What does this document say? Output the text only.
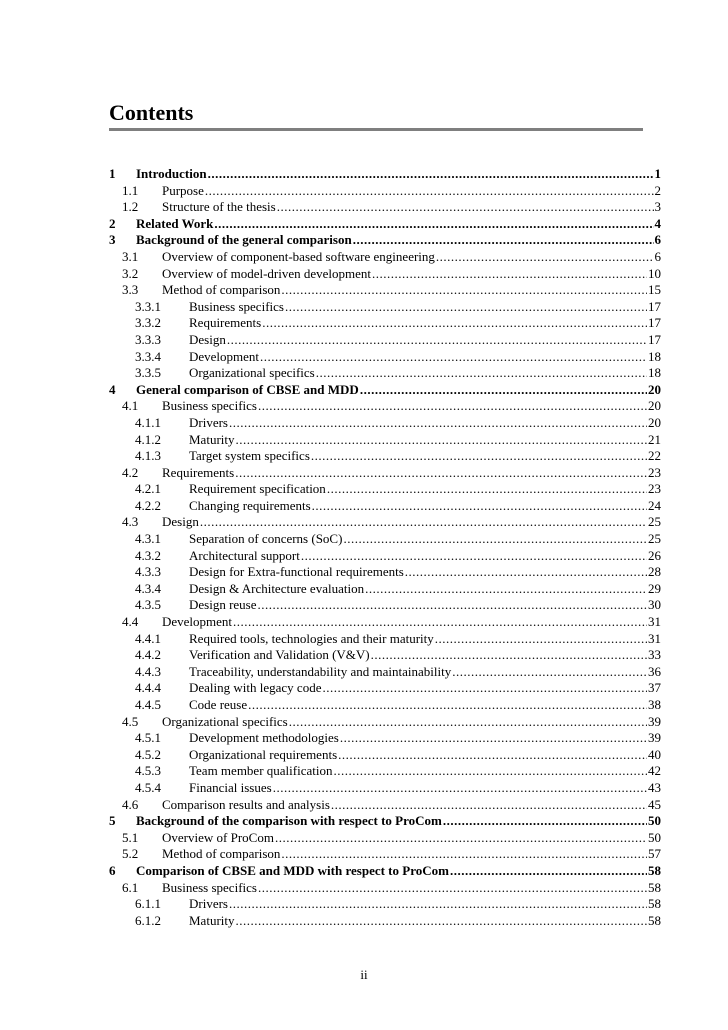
Contents
1	Introduction .....	1
1.1	Purpose .....	2
1.2	Structure of the thesis .....	3
2	Related Work .....	4
3	Background of the general comparison .....	6
3.1	Overview of component-based software engineering .....	6
3.2	Overview of model-driven development .....	10
3.3	Method of comparison .....	15
3.3.1	Business specifics .....	17
3.3.2	Requirements .....	17
3.3.3	Design .....	17
3.3.4	Development .....	18
3.3.5	Organizational specifics .....	18
4	General comparison of CBSE and MDD .....	20
4.1	Business specifics .....	20
4.1.1	Drivers .....	20
4.1.2	Maturity .....	21
4.1.3	Target system specifics .....	22
4.2	Requirements .....	23
4.2.1	Requirement specification .....	23
4.2.2	Changing requirements .....	24
4.3	Design .....	25
4.3.1	Separation of concerns (SoC) .....	25
4.3.2	Architectural support .....	26
4.3.3	Design for Extra-functional requirements .....	28
4.3.4	Design & Architecture evaluation .....	29
4.3.5	Design reuse .....	30
4.4	Development .....	31
4.4.1	Required tools, technologies and their maturity .....	31
4.4.2	Verification and Validation (V&V) .....	33
4.4.3	Traceability, understandability and maintainability .....	36
4.4.4	Dealing with legacy code .....	37
4.4.5	Code reuse .....	38
4.5	Organizational specifics .....	39
4.5.1	Development methodologies .....	39
4.5.2	Organizational requirements .....	40
4.5.3	Team member qualification .....	42
4.5.4	Financial issues .....	43
4.6	Comparison results and analysis .....	45
5	Background of the comparison with respect to ProCom .....	50
5.1	Overview of ProCom .....	50
5.2	Method of comparison .....	57
6	Comparison of CBSE and MDD with respect to ProCom .....	58
6.1	Business specifics .....	58
6.1.1	Drivers .....	58
6.1.2	Maturity .....	58
ii
